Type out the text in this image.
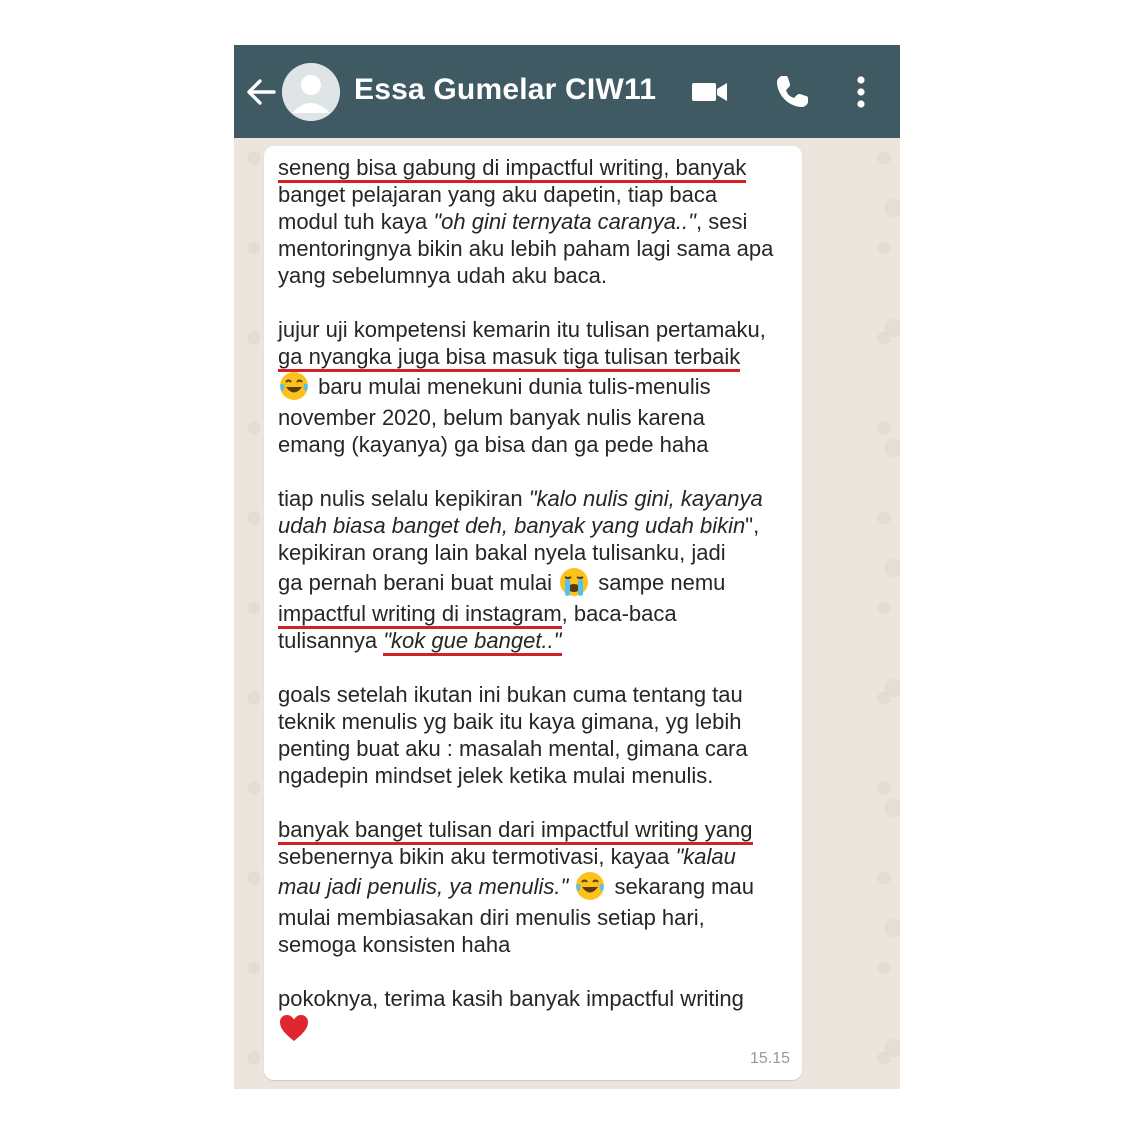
Essa Gumelar CIW11
seneng bisa gabung di impactful writing, banyak
banget pelajaran yang aku dapetin, tiap baca
modul tuh kaya "oh gini ternyata caranya..", sesi
mentoringnya bikin aku lebih paham lagi sama apa
yang sebelumnya udah aku baca.
jujur uji kompetensi kemarin itu tulisan pertamaku,
ga nyangka juga bisa masuk tiga tulisan terbaik
baru mulai menekuni dunia tulis-menulis
november 2020, belum banyak nulis karena
emang (kayanya) ga bisa dan ga pede haha
tiap nulis selalu kepikiran "kalo nulis gini, kayanya
udah biasa banget deh, banyak yang udah bikin",
kepikiran orang lain bakal nyela tulisanku, jadi
ga pernah berani buat mulai sampe nemu
impactful writing di instagram, baca-baca
tulisannya "kok gue banget.."
goals setelah ikutan ini bukan cuma tentang tau
teknik menulis yg baik itu kaya gimana, yg lebih
penting buat aku : masalah mental, gimana cara
ngadepin mindset jelek ketika mulai menulis.
banyak banget tulisan dari impactful writing yang
sebenernya bikin aku termotivasi, kayaa "kalau
mau jadi penulis, ya menulis." sekarang mau
mulai membiasakan diri menulis setiap hari,
semoga konsisten haha
pokoknya, terima kasih banyak impactful writing
15.15
